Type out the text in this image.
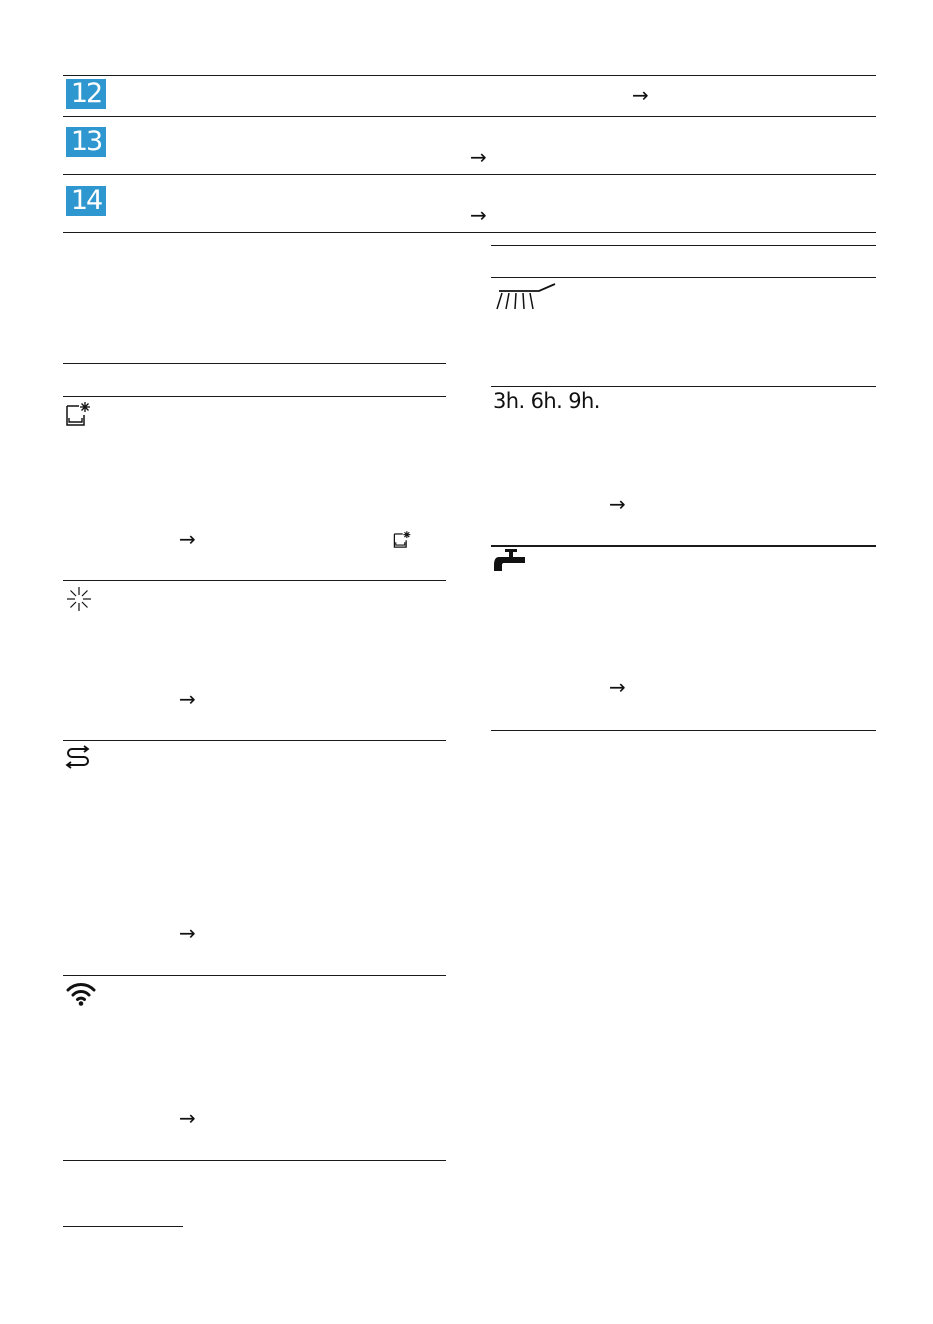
12	→
13	→
14	→
→
→
→
→
3h. 6h. 9h.
→
→
